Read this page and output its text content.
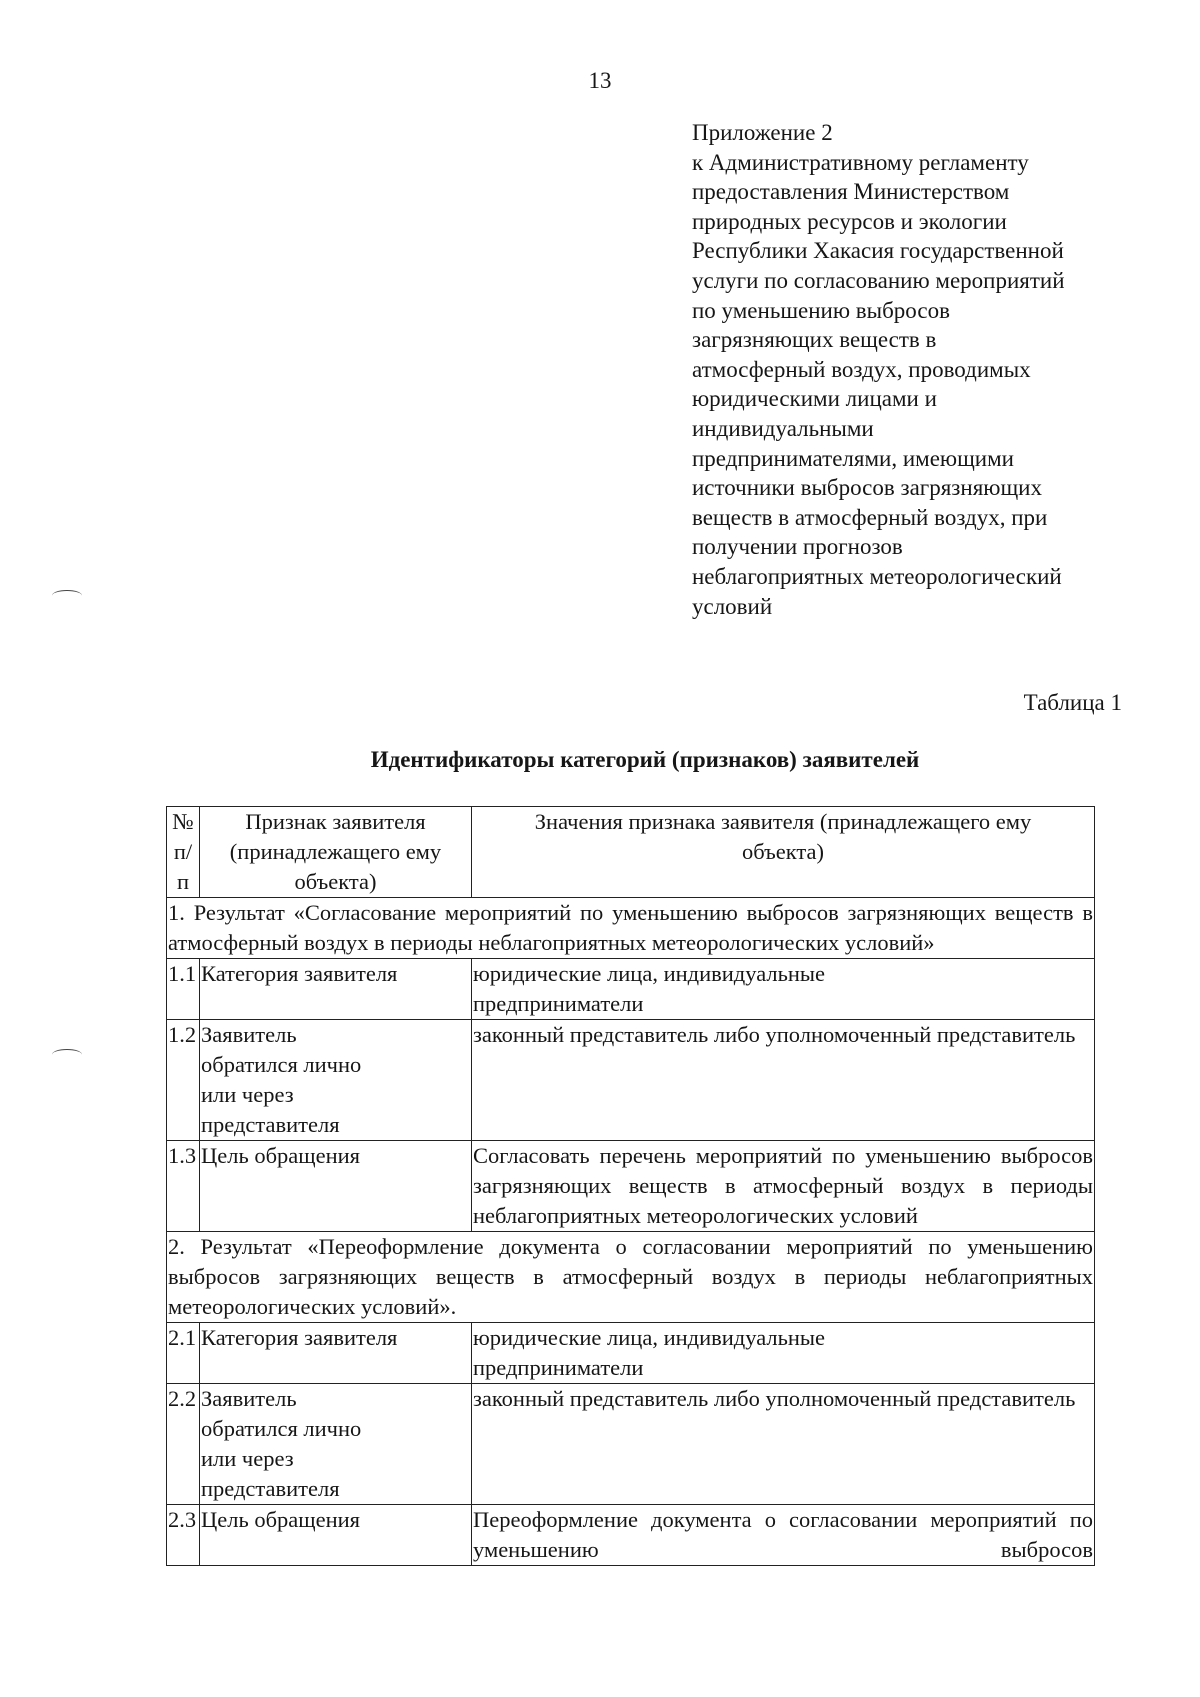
13
Приложение 2
к Административному регламенту
предоставления Министерством
природных ресурсов и экологии
Республики Хакасия государственной
услуги по согласованию мероприятий
по уменьшению выбросов
загрязняющих веществ в
атмосферный воздух, проводимых
юридическими лицами и
индивидуальными
предпринимателями, имеющими
источники выбросов загрязняющих
веществ в атмосферный воздух, при
получении прогнозов
неблагоприятных метеорологический
условий
Таблица 1
Идентификаторы категорий (признаков) заявителей
№ п/п	Признак заявителя (принадлежащего ему объекта)	Значения признака заявителя (принадлежащего ему объекта)
1. Результат «Согласование мероприятий по уменьшению выбросов загрязняющих веществ в атмосферный воздух в периоды неблагоприятных метеорологических условий»		
1.1	Категория заявителя	юридические лица, индивидуальные предприниматели
1.2	Заявитель обратился лично или через представителя	законный представитель либо уполномоченный представитель
1.3	Цель обращения	Согласовать перечень мероприятий по уменьшению выбросов загрязняющих веществ в атмосферный воздух в периоды неблагоприятных метеорологических условий
2. Результат «Переоформление документа о согласовании мероприятий по уменьшению выбросов загрязняющих веществ в атмосферный воздух в периоды неблагоприятных метеорологических условий».		
2.1	Категория заявителя	юридические лица, индивидуальные предприниматели
2.2	Заявитель обратился лично или через представителя	законный представитель либо уполномоченный представитель
2.3	Цель обращения	Переоформление документа о согласовании мероприятий по уменьшению выбросов
